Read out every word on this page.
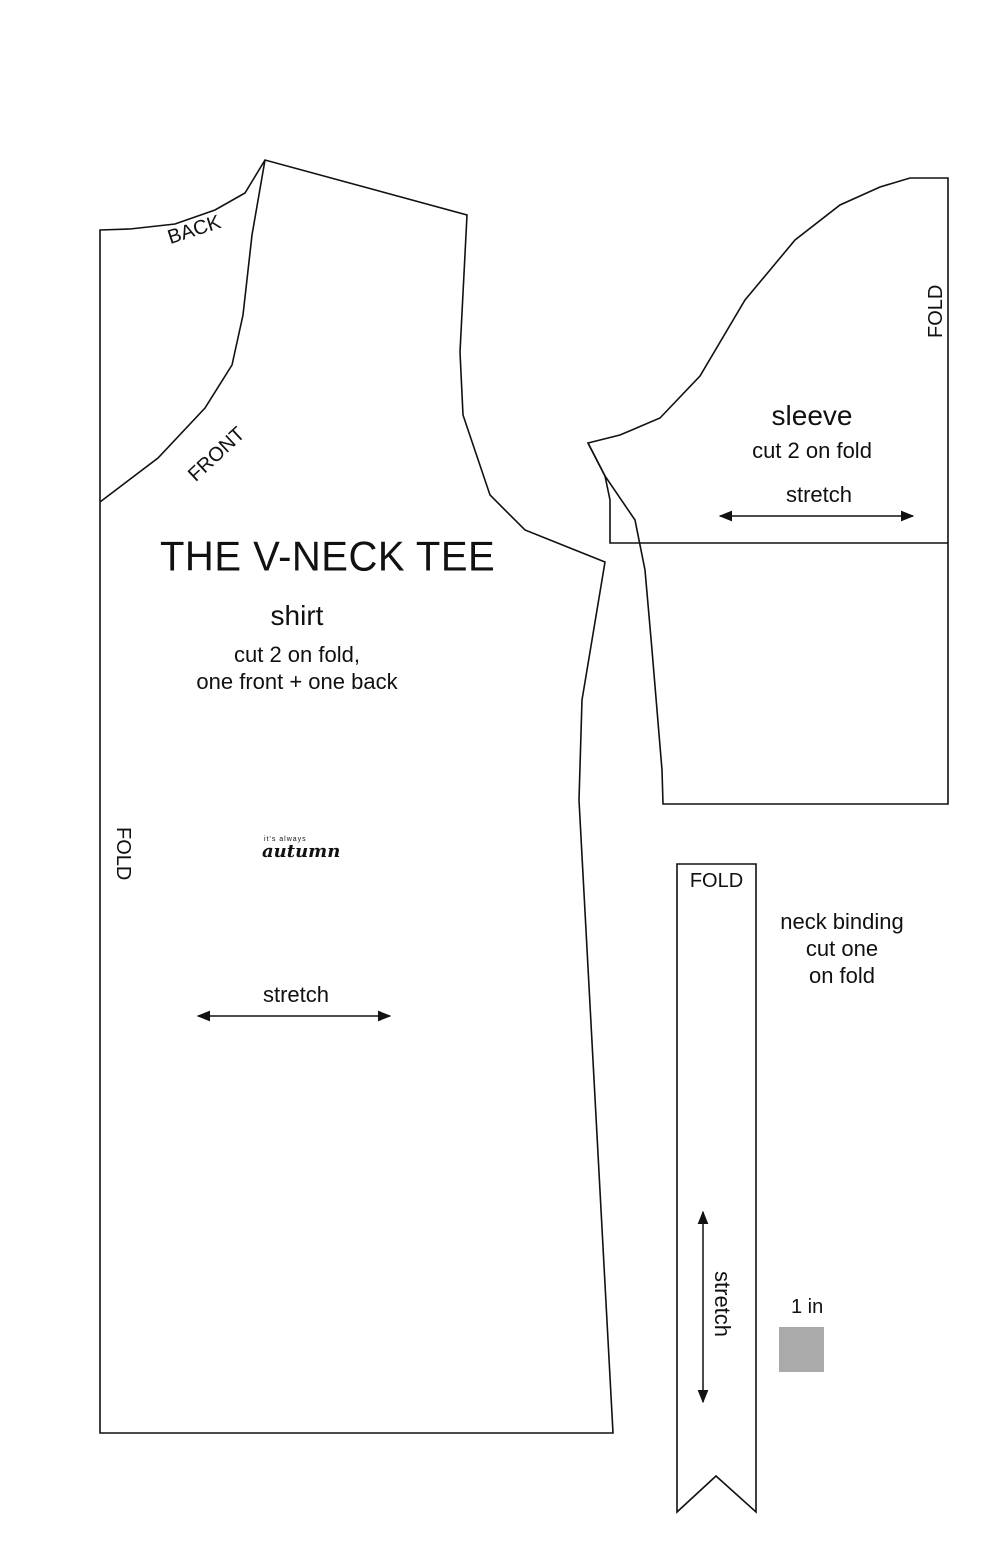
BACK
FRONT
THE V-NECK TEE
shirt
cut 2 on fold,
one front + one back
FOLD	it's always
autumn
stretch
FOLD
sleeve
cut 2 on fold
stretch
FOLD
neck binding
cut one
on fold
stretch	1 in
